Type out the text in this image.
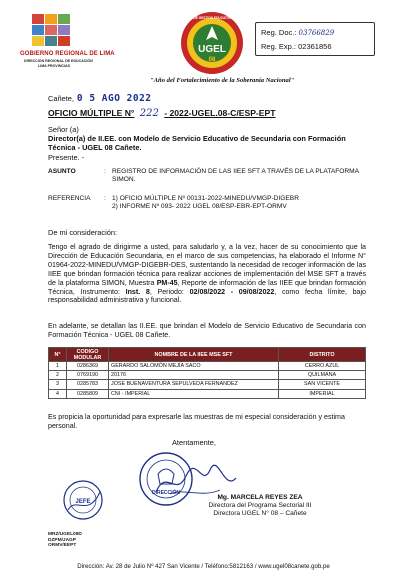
GOBIERNO REGIONAL DE LIMA
DIRECCIÓN REGIONAL DE EDUCACIÓN
LIMA PROVINCIAS
UGEL
08
UNIDAD DE GESTIÓN EDUCATIVA LOCAL
Reg. Doc.: 03766829
Reg. Exp.: 02361856
"Año del Fortalecimiento de la Soberanía Nacional"
Cañete, 0 5 AGO 2022
OFICIO MÚLTIPLE N° 222 - 2022-UGEL.08-C/ESP-EPT
Señor (a)
Director(a) de II.EE. con Modelo de Servicio Educativo de Secundaria con Formación Técnica - UGEL 08 Cañete.
Presente. -
ASUNTO	: REGISTRO DE INFORMACIÓN DE LAS IIEE SFT A TRAVÉS DE LA PLATAFORMA SIMON.
REFERENCIA	: 1) OFICIO MÚLTIPLE Nº 00131-2022-MINEDU/VMGP-DIGEBR
2) INFORME Nº 093- 2022 UGEL 08/ESP-EBR-EPT-ORMV
De mi consideración:
Tengo el agrado de dirigirme a usted, para saludarlo y, a la vez, hacer de su conocimiento que la Dirección de Educación Secundaria, en el marco de sus competencias, ha elaborado el Informe N° 01964-2022-MINEDU/VMGP-DIGEBR-DES, sustentando la necesidad de recoger información de las IIEE que brindan formación técnica para realizar acciones de implementación del MSE SFT a través de la plataforma SIMON, Muestra PM-45, Reporte de información de las IIEE que brindan formación Técnica, Instrumento: Inst. 8, Periodo: 02/08/2022 - 09/08/2022, como fecha límite, bajo responsabilidad administrativa y funcional.
En adelante, se detallan las II.EE. que brindan el Modelo de Servicio Educativo de Secundaria con Formación Técnica - UGEL 08 Cañete.
N°	CODIGO MODULAR	NOMBRE DE LA IIEE MSE SFT	DISTRITO
1	0286369	GERARDO SALOMÓN MEJÍA SACO	CERRO AZUL
2	0769190	20176	QUILMANA
3	0285783	JOSE BUENAVENTURA SEPULVEDA FERNANDEZ	SAN VICENTE
4	0285809	CNI - IMPERIAL	IMPERIAL
Es propicia la oportunidad para expresarle las muestras de mi especial consideración y estima personal.
Atentamente,
DIRECCIÓN
JEFE
Mg. MARCELA REYES ZEA
Directora del Programa Sectorial III
Directora UGEL N° 08 – Cañete
MRZ/UGEL08D
DZPM/JAGP
ORMV/EEPT
Dirección: Av. 28 de Julio Nº 427 San Vicente / Teléfono:5812163 / www.ugel08canete.gob.pe
